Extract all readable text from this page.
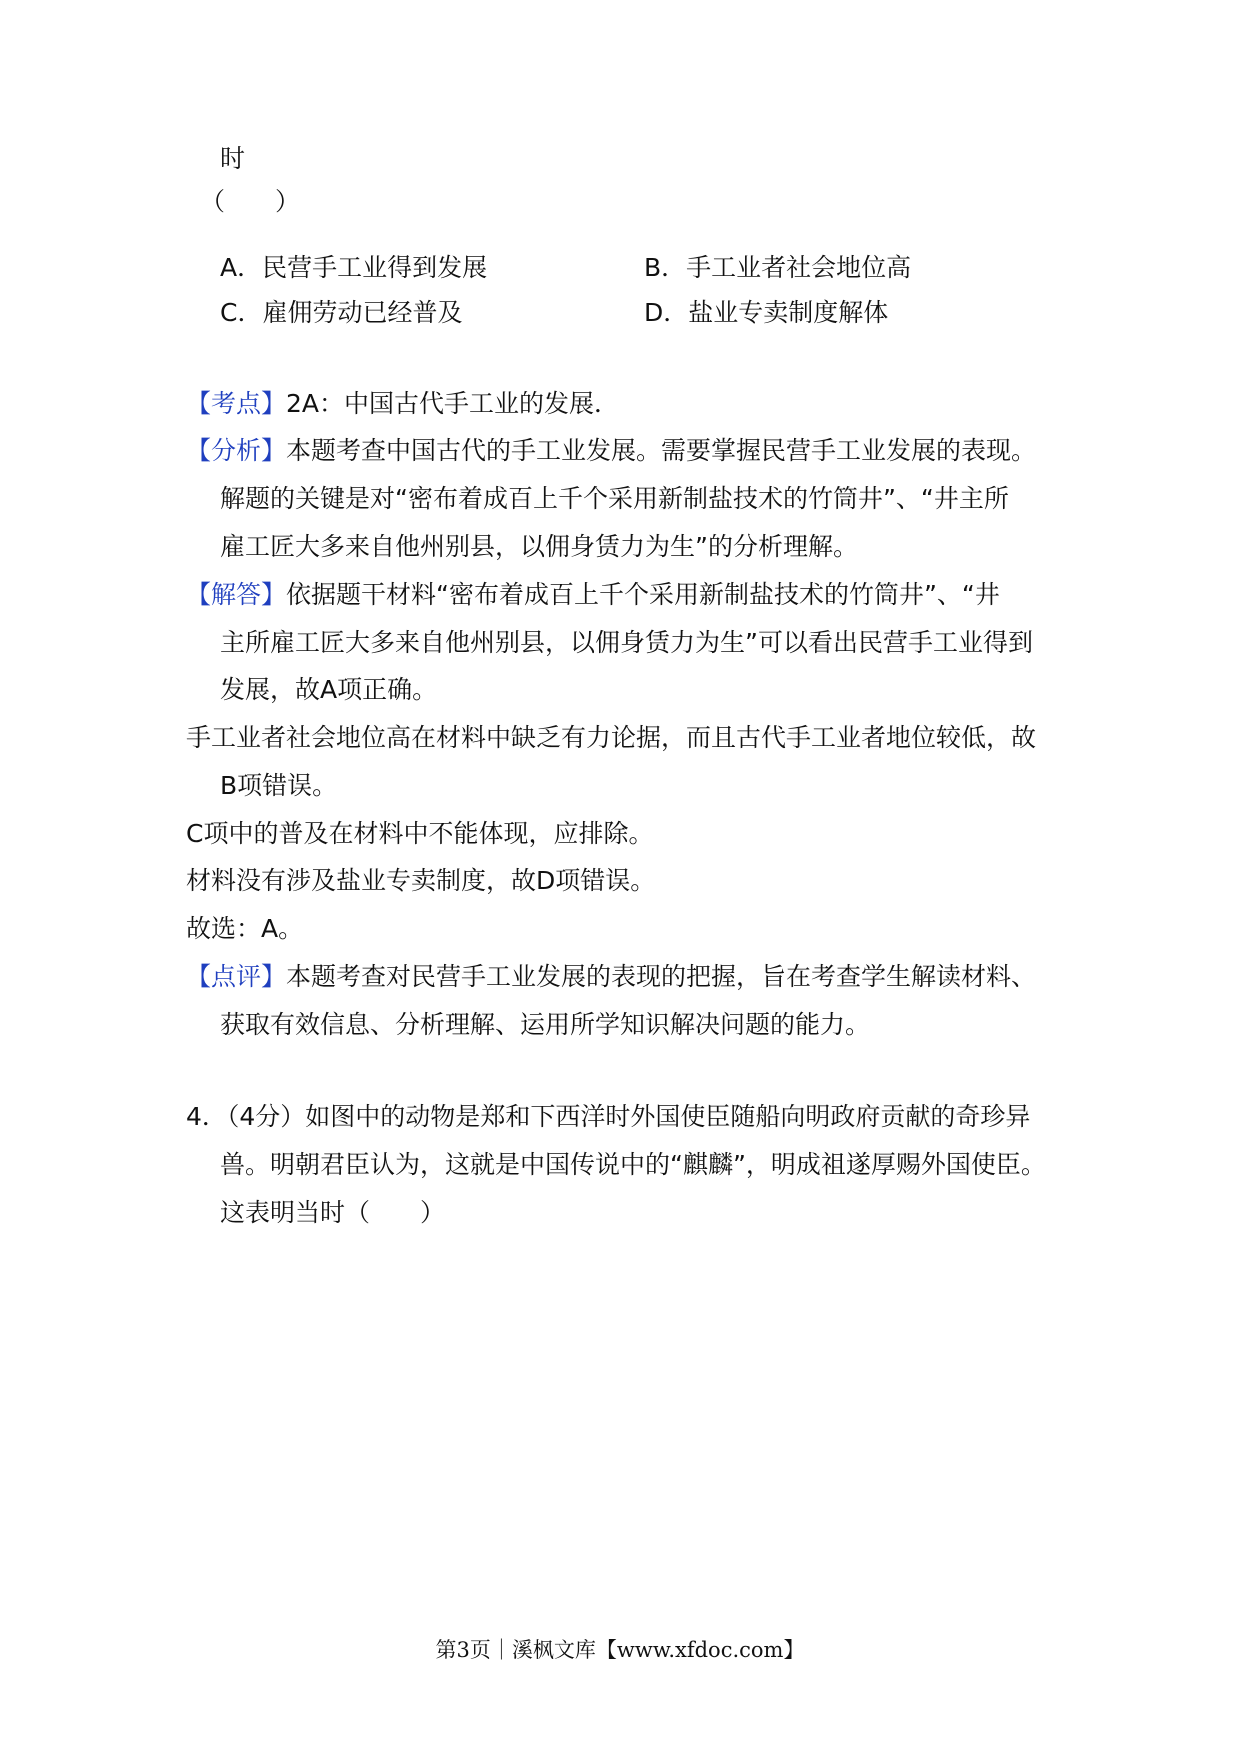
时
（　　）
A．民营手工业得到发展	B．手工业者社会地位高
C．雇佣劳动已经普及	D．盐业专卖制度解体
【考点】2A：中国古代手工业的发展．
【分析】本题考查中国古代的手工业发展。需要掌握民营手工业发展的表现。
解题的关键是对“密布着成百上千个采用新制盐技术的竹筒井”、“井主所
雇工匠大多来自他州别县，以佣身赁力为生”的分析理解。
【解答】依据题干材料“密布着成百上千个采用新制盐技术的竹筒井”、“井
主所雇工匠大多来自他州别县，以佣身赁力为生”可以看出民营手工业得到
发展，故A项正确。
手工业者社会地位高在材料中缺乏有力论据，而且古代手工业者地位较低，故
B项错误。
C项中的普及在材料中不能体现，应排除。
材料没有涉及盐业专卖制度，故D项错误。
故选：A。
【点评】本题考查对民营手工业发展的表现的把握，旨在考查学生解读材料、
获取有效信息、分析理解、运用所学知识解决问题的能力。
4．（4分）如图中的动物是郑和下西洋时外国使臣随船向明政府贡献的奇珍异
兽。明朝君臣认为，这就是中国传说中的“麒麟”，明成祖遂厚赐外国使臣。
这表明当时（　　）
第3页｜溪枫文库【www.xfdoc.com】
